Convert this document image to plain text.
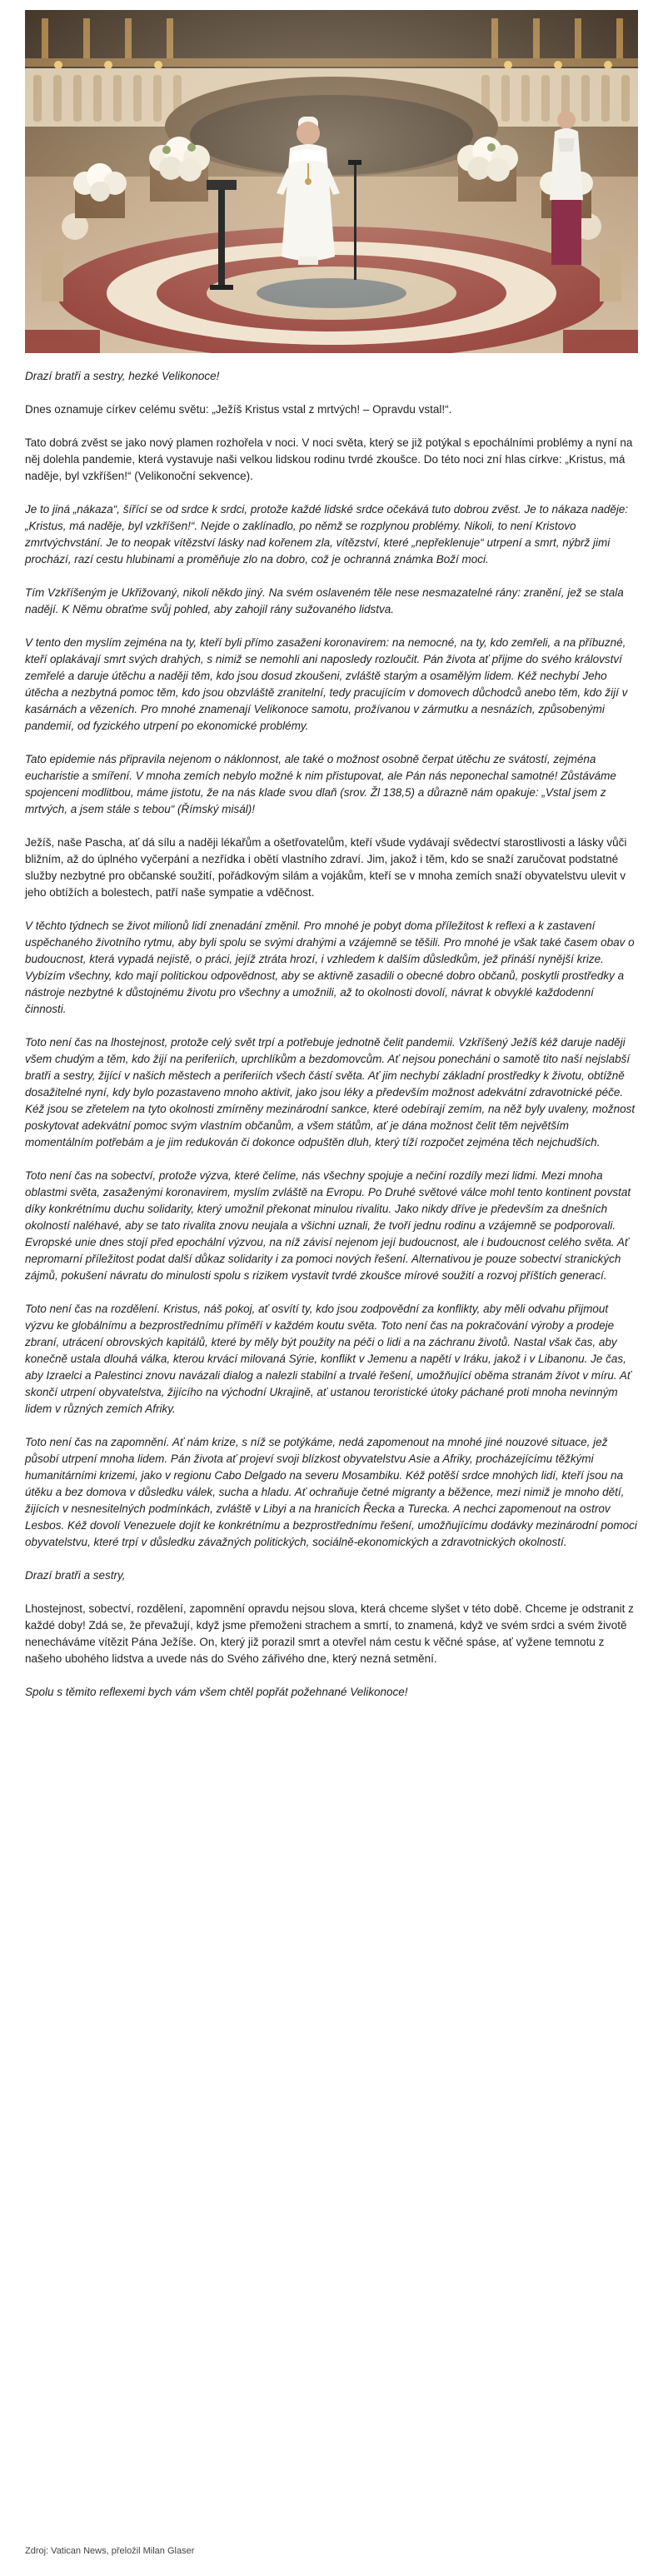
Drazí bratři a sestry, hezké Velikonoce!

Dnes oznamuje církev celému světu: „Ježíš Kristus vstal z mrtvých! – Opravdu vstal!“.

Tato dobrá zvěst se jako nový plamen rozhořela v noci. V noci světa, který se již potýkal s epochálními problémy a nyní na něj dolehla pandemie, která vystavuje naši velkou lidskou rodinu tvrdé zkoušce. Do této noci zní hlas církve: „Kristus, má naděje, byl vzkříšen!“ (Velikonoční sekvence).

Je to jiná „nákaza“, šířící se od srdce k srdci, protože každé lidské srdce očekává tuto dobrou zvěst. Je to nákaza naděje: „Kristus, má naděje, byl vzkříšen!“. Nejde o zaklínadlo, po němž se rozplynou problémy. Nikoli, to není Kristovo zmrtvýchvstání. Je to neopak vítězství lásky nad kořenem zla, vítězství, které „nepřeklenuje“ utrpení a smrt, nýbrž jimi prochází, razí cestu hlubinami a proměňuje zlo na dobro, což je ochranná známka Boží moci.

Tím Vzkříšeným je Ukřižovaný, nikoli někdo jiný. Na svém oslaveném těle nese nesmazatelné rány: zranění, jež se stala nadějí. K Němu obraťme svůj pohled, aby zahojil rány sužovaného lidstva.

V tento den myslím zejména na ty, kteří byli přímo zasaženi koronavirem: na nemocné, na ty, kdo zemřeli, a na příbuzné, kteří oplakávají smrt svých drahých, s nimiž se nemohli ani naposledy rozloučit. Pán života ať přijme do svého království zemřelé a daruje útěchu a naději těm, kdo jsou dosud zkoušeni, zvláště starým a osamělým lidem. Kéž nechybí Jeho útěcha a nezbytná pomoc těm, kdo jsou obzvláště zranitelní, tedy pracujícím v domovech důchodců anebo těm, kdo žijí v kasárnách a vězeních. Pro mnohé znamenají Velikonoce samotu, prožívanou v zármutku a nesnázích, způsobenými pandemií, od fyzického utrpení po ekonomické problémy.

Tato epidemie nás připravila nejenom o náklonnost, ale také o možnost osobně čerpat útěchu ze svátostí, zejména eucharistie a smíření. V mnoha zemích nebylo možné k nim přistupovat, ale Pán nás neponechal samotné! Zůstáváme spojenceni modlitbou, máme jistotu, že na nás klade svou dlaň (srov. Žl 138,5) a důrazně nám opakuje: „Vstal jsem z mrtvých, a jsem stále s tebou“ (Římský misál)!

Ježíš, naše Pascha, ať dá sílu a naději lékařům a ošetřovatelům, kteří všude vydávají svědectví starostlivosti a lásky vůči bližním, až do úplného vyčerpání a nezřídka i obětí vlastního zdraví. Jim, jakož i těm, kdo se snaží zaručovat podstatné služby nezbytné pro občanské soužití, pořádkovým silám a vojákům, kteří se v mnoha zemích snaží obyvatelstvu ulevit v jeho obtížích a bolestech, patří naše sympatie a vděčnost.

V těchto týdnech se život milionů lidí znenadání změnil. Pro mnohé je pobyt doma příležitost k reflexi a k zastavení uspěchaného životního rytmu, aby byli spolu se svými drahými a vzájemně se těšili. Pro mnohé je však také časem obav o budoucnost, která vypadá nejistě, o práci, jejíž ztráta hrozí, i vzhledem k dalším důsledkům, jež přináší nynější krize. Vybízím všechny, kdo mají politickou odpovědnost, aby se aktivně zasadili o obecné dobro občanů, poskytli prostředky a nástroje nezbytné k důstojnému životu pro všechny a umožnili, až to okolnosti dovolí, návrat k obvyklé každodenní činnosti.

Toto není čas na lhostejnost, protože celý svět trpí a potřebuje jednotně čelit pandemii. Vzkříšený Ježíš kéž daruje naději všem chudým a těm, kdo žijí na periferiích, uprchlíkům a bezdomovcům. Ať nejsou ponecháni o samotě tito naší nejslabší bratři a sestry, žijící v našich městech a periferiích všech částí světa. Ať jim nechybí základní prostředky k životu, obtížně dosažitelné nyní, kdy bylo pozastaveno mnoho aktivit, jako jsou léky a především možnost adekvátní zdravotnické péče. Kéž jsou se zřetelem na tyto okolnosti zmírněny mezinárodní sankce, které odebírají zemím, na něž byly uvaleny, možnost poskytovat adekvátní pomoc svým vlastním občanům, a všem státům, ať je dána možnost čelit těm největším momentálním potřebám a je jim redukován či dokonce odpuštěn dluh, který tíží rozpočet zejména těch nejchudších.

Toto není čas na sobectví, protože výzva, které čelíme, nás všechny spojuje a nečiní rozdíly mezi lidmi. Mezi mnoha oblastmi světa, zasaženými koronavirem, myslím zvláště na Evropu. Po Druhé světové válce mohl tento kontinent povstat díky konkrétnímu duchu solidarity, který umožnil překonat minulou rivalitu. Jako nikdy dříve je především za dnešních okolností naléhavé, aby se tato rivalita znovu neujala a všichni uznali, že tvoří jednu rodinu a vzájemně se podporovali. Evropské unie dnes stojí před epochální výzvou, na níž závisí nejenom její budoucnost, ale i budoucnost celého světa. Ať nepromarní příležitost podat další důkaz solidarity i za pomoci nových řešení. Alternativou je pouze sobectví stranických zájmů, pokušení návratu do minulosti spolu s rizikem vystavit tvrdé zkoušce mírové soužití a rozvoj příštích generací.

Toto není čas na rozdělení. Kristus, náš pokoj, ať osvítí ty, kdo jsou zodpovědní za konflikty, aby měli odvahu přijmout výzvu ke globálnímu a bezprostřednímu příměří v každém koutu světa. Toto není čas na pokračování výroby a prodeje zbraní, utrácení obrovských kapitálů, které by měly být použity na péči o lidi a na záchranu životů. Nastal však čas, aby konečně ustala dlouhá válka, kterou krvácí milovaná Sýrie, konflikt v Jemenu a napětí v Iráku, jakož i v Libanonu. Je čas, aby Izraelci a Palestinci znovu navázali dialog a nalezli stabilní a trvalé řešení, umožňující oběma stranám žívot v míru. Ať skončí utrpení obyvatelstva, žijícího na východní Ukrajině, ať ustanou teroristické útoky páchané proti mnoha nevinným lidem v různých zemích Afriky.

Toto není čas na zapomnění. Ať nám krize, s níž se potýkáme, nedá zapomenout na mnohé jiné nouzové situace, jež působí utrpení mnoha lidem. Pán života ať projeví svoji blízkost obyvatelstvu Asie a Afriky, procházejícímu těžkými humanitárními krizemi, jako v regionu Cabo Delgado na severu Mosambiku. Kéž potěší srdce mnohých lidí, kteří jsou na útěku a bez domova v důsledku válek, sucha a hladu. Ať ochraňuje četné migranty a běžence, mezi nimiž je mnoho dětí, žijících v nesnesitelných podmínkách, zvláště v Libyi a na hranicích Řecka a Turecka. A nechci zapomenout na ostrov Lesbos. Kéž dovolí Venezuele dojít ke konkrétnímu a bezprostřednímu řešení, umožňujícímu dodávky mezinárodní pomoci obyvatelstvu, které trpí v důsledku závažných politických, sociálně-ekonomických a zdravotnických okolností.

Drazí bratři a sestry,

Lhostejnost, sobectví, rozdělení, zapomnění opravdu nejsou slova, která chceme slyšet v této době. Chceme je odstranit z každé doby! Zdá se, že převažují, když jsme přemoženi strachem a smrtí, to znamená, když ve svém srdci a svém životě nenecháváme vítězit Pána Ježíše. On, který již porazil smrt a otevřel nám cestu k věčné spáse, ať vyžene temnotu z našeho ubohého lidstva a uvede nás do Svého zářivého dne, který nezná setmění.

Spolu s těmito reflexemi bych vám všem chtěl popřát požehnané Velikonoce!

Zdroj: Vatican News, přeložil Milan Glaser
